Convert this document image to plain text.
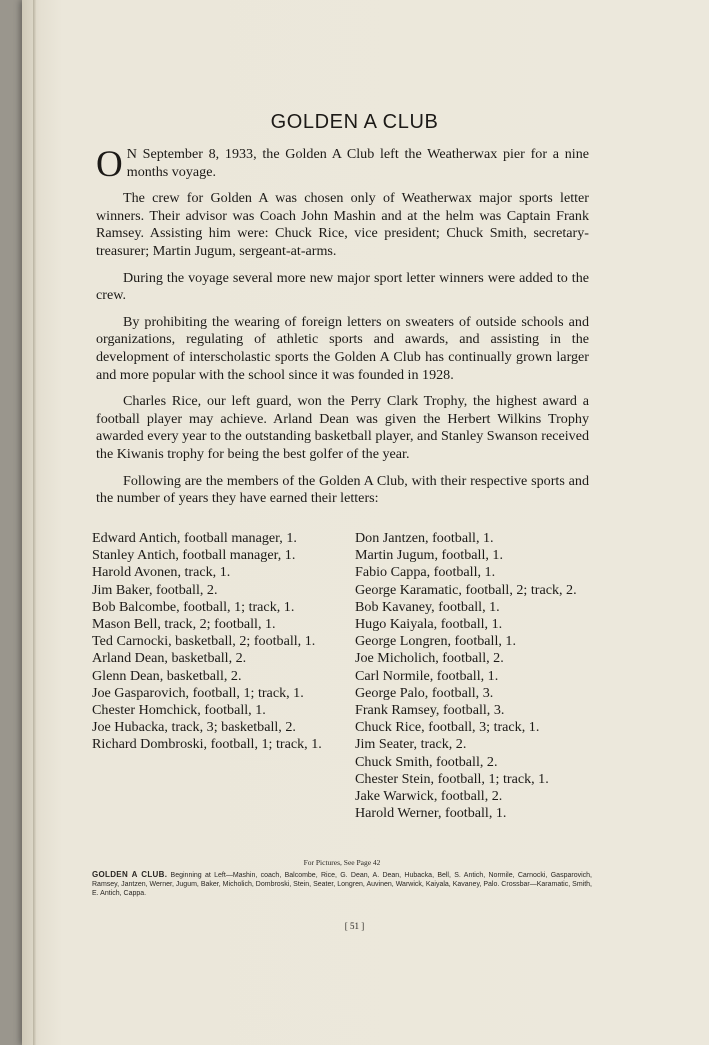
GOLDEN A CLUB

O N September 8, 1933, the Golden A Club left the Weatherwax pier for a nine months voyage.

The crew for Golden A was chosen only of Weatherwax major sports letter winners. Their advisor was Coach John Mashin and at the helm was Captain Frank Ramsey. Assisting him were: Chuck Rice, vice president; Chuck Smith, secretary-treasurer; Martin Jugum, sergeant-at-arms.

During the voyage several more new major sport letter winners were added to the crew.

By prohibiting the wearing of foreign letters on sweaters of outside schools and organizations, regulating of athletic sports and awards, and assisting in the development of interscholastic sports the Golden A Club has continually grown larger and more popular with the school since it was founded in 1928.

Charles Rice, our left guard, won the Perry Clark Trophy, the highest award a football player may achieve. Arland Dean was given the Herbert Wilkins Trophy awarded every year to the outstanding basketball player, and Stanley Swanson received the Kiwanis trophy for being the best golfer of the year.

Following are the members of the Golden A Club, with their respective sports and the number of years they have earned their letters:

Edward Antich, football manager, 1.

Stanley Antich, football manager, 1.

Harold Avonen, track, 1.

Jim Baker, football, 2.

Bob Balcombe, football, 1; track, 1.

Mason Bell, track, 2; football, 1.

Ted Carnocki, basketball, 2; football, 1.

Arland Dean, basketball, 2.

Glenn Dean, basketball, 2.

Joe Gasparovich, football, 1; track, 1.

Chester Homchick, football, 1.

Joe Hubacka, track, 3; basketball, 2.

Richard Dombroski, football, 1; track, 1.

Don Jantzen, football, 1.

Martin Jugum, football, 1.

Fabio Cappa, football, 1.

George Karamatic, football, 2; track, 2.

Bob Kavaney, football, 1.

Hugo Kaiyala, football, 1.

George Longren, football, 1.

Joe Micholich, football, 2.

Carl Normile, football, 1.

George Palo, football, 3.

Frank Ramsey, football, 3.

Chuck Rice, football, 3; track, 1.

Jim Seater, track, 2.

Chuck Smith, football, 2.

Chester Stein, football, 1; track, 1.

Jake Warwick, football, 2.

Harold Werner, football, 1.

For Pictures, See Page 42
GOLDEN A CLUB. Beginning at Left—Mashin, coach, Balcombe, Rice, G. Dean, A. Dean, Hubacka, Bell, S. Antich, Normile, Carnocki, Gasparovich, Ramsey, Jantzen, Werner, Jugum, Baker, Micholich, Dombroski, Stein, Seater, Longren, Auvinen, Warwick, Kaiyala, Kavaney, Palo. Crossbar—Karamatic, Smith, E. Antich, Cappa.
[ 51 ]
